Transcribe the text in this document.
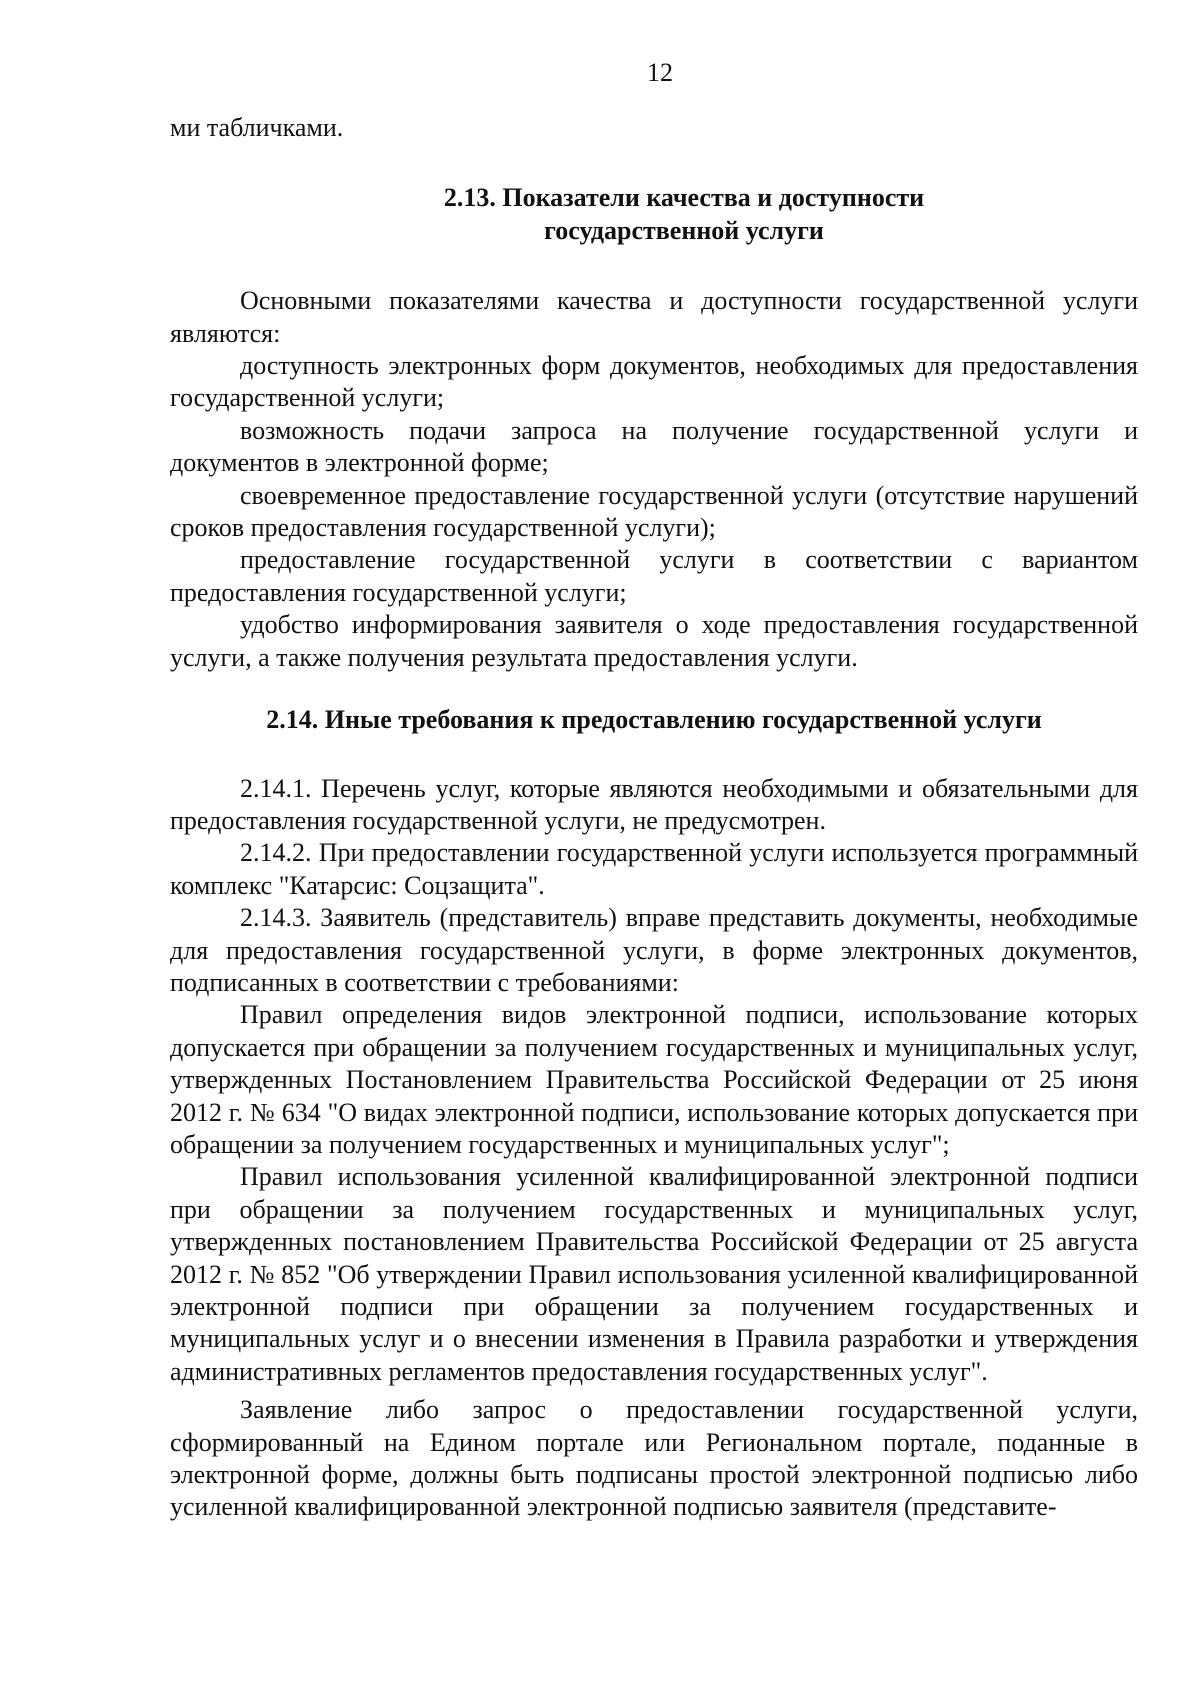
12

ми табличками.

2.13. Показатели качества и доступности
государственной услуги

Основными показателями качества и доступности государственной услуги являются:

доступность электронных форм документов, необходимых для предоставления государственной услуги;

возможность подачи запроса на получение государственной услуги и документов в электронной форме;

своевременное предоставление государственной услуги (отсутствие нарушений сроков предоставления государственной услуги);

предоставление государственной услуги в соответствии с вариантом предоставления государственной услуги;

удобство информирования заявителя о ходе предоставления государственной услуги, а также получения результата предоставления услуги.

2.14. Иные требования к предоставлению государственной услуги

2.14.1. Перечень услуг, которые являются необходимыми и обязательными для предоставления государственной услуги, не предусмотрен.

2.14.2. При предоставлении государственной услуги используется программный комплекс "Катарсис: Соцзащита".

2.14.3. Заявитель (представитель) вправе представить документы, необходимые для предоставления государственной услуги, в форме электронных документов, подписанных в соответствии с требованиями:

Правил определения видов электронной подписи, использование которых допускается при обращении за получением государственных и муниципальных услуг, утвержденных Постановлением Правительства Российской Федерации от 25 июня 2012 г. № 634 "О видах электронной подписи, использование которых допускается при обращении за получением государственных и муниципальных услуг";

Правил использования усиленной квалифицированной электронной подписи при обращении за получением государственных и муниципальных услуг, утвержденных постановлением Правительства Российской Федерации от 25 августа 2012 г. № 852 "Об утверждении Правил использования усиленной квалифицированной электронной подписи при обращении за получением государственных и муниципальных услуг и о внесении изменения в Правила разработки и утверждения административных регламентов предоставления государственных услуг".

Заявление либо запрос о предоставлении государственной услуги, сформированный на Едином портале или Региональном портале, поданные в электронной форме, должны быть подписаны простой электронной подписью либо усиленной квалифицированной электронной подписью заявителя (представите-
